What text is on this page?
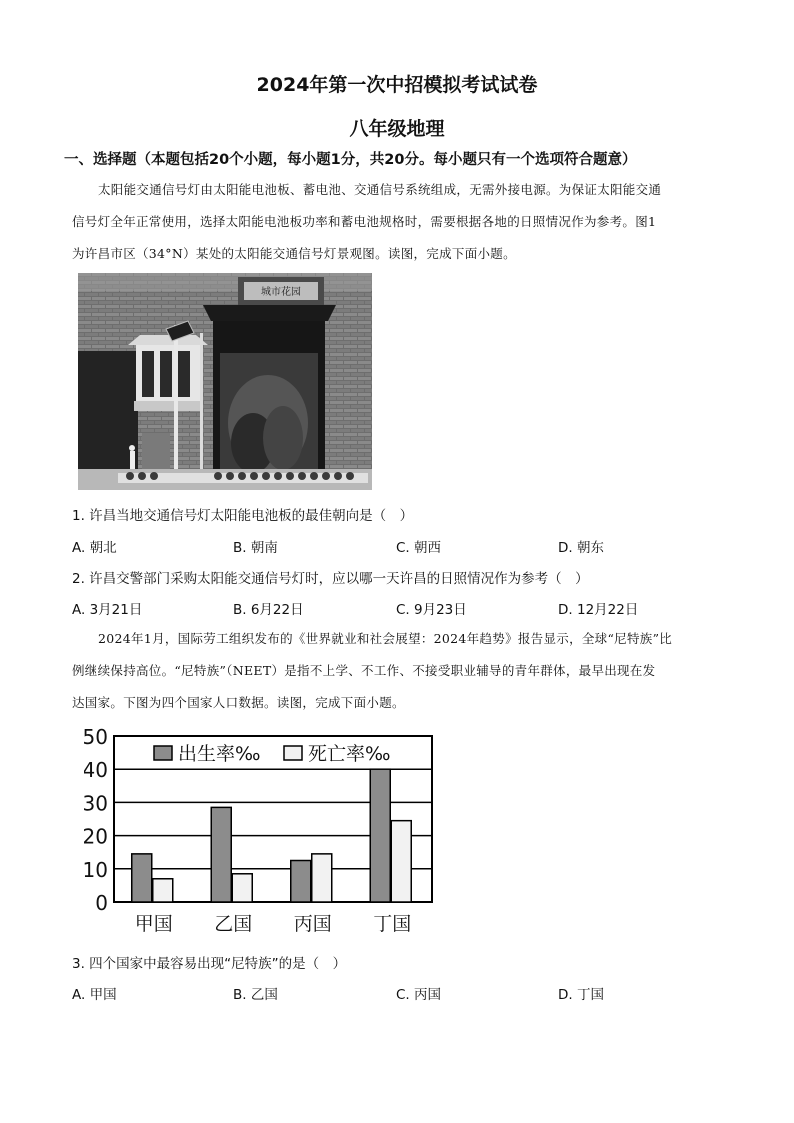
2024年第一次中招模拟考试试卷
八年级地理
一、选择题（本题包括20个小题，每小题1分，共20分。每小题只有一个选项符合题意）
太阳能交通信号灯由太阳能电池板、蓄电池、交通信号系统组成，无需外接电源。为保证太阳能交通
信号灯全年正常使用，选择太阳能电池板功率和蓄电池规格时，需要根据各地的日照情况作为参考。图1
为许昌市区（34°N）某处的太阳能交通信号灯景观图。读图，完成下面小题。
城市花园
1. 许昌当地交通信号灯太阳能电池板的最佳朝向是（　）
A. 朝北	B. 朝南	C. 朝西	D. 朝东
2. 许昌交警部门采购太阳能交通信号灯时，应以哪一天许昌的日照情况作为参考（　）
A. 3月21日	B. 6月22日	C. 9月23日	D. 12月22日
2024年1月，国际劳工组织发布的《世界就业和社会展望：2024年趋势》报告显示，全球“尼特族”比
例继续保持高位。“尼特族”（NEET）是指不上学、不工作、不接受职业辅导的青年群体，最早出现在发
达国家。下图为四个国家人口数据。读图，完成下面小题。
0
10
20
30
40
50
甲国 乙国 丙国 丁国
出生率‰	死亡率‰
3. 四个国家中最容易出现“尼特族”的是（　）
A. 甲国	B. 乙国	C. 丙国	D. 丁国
